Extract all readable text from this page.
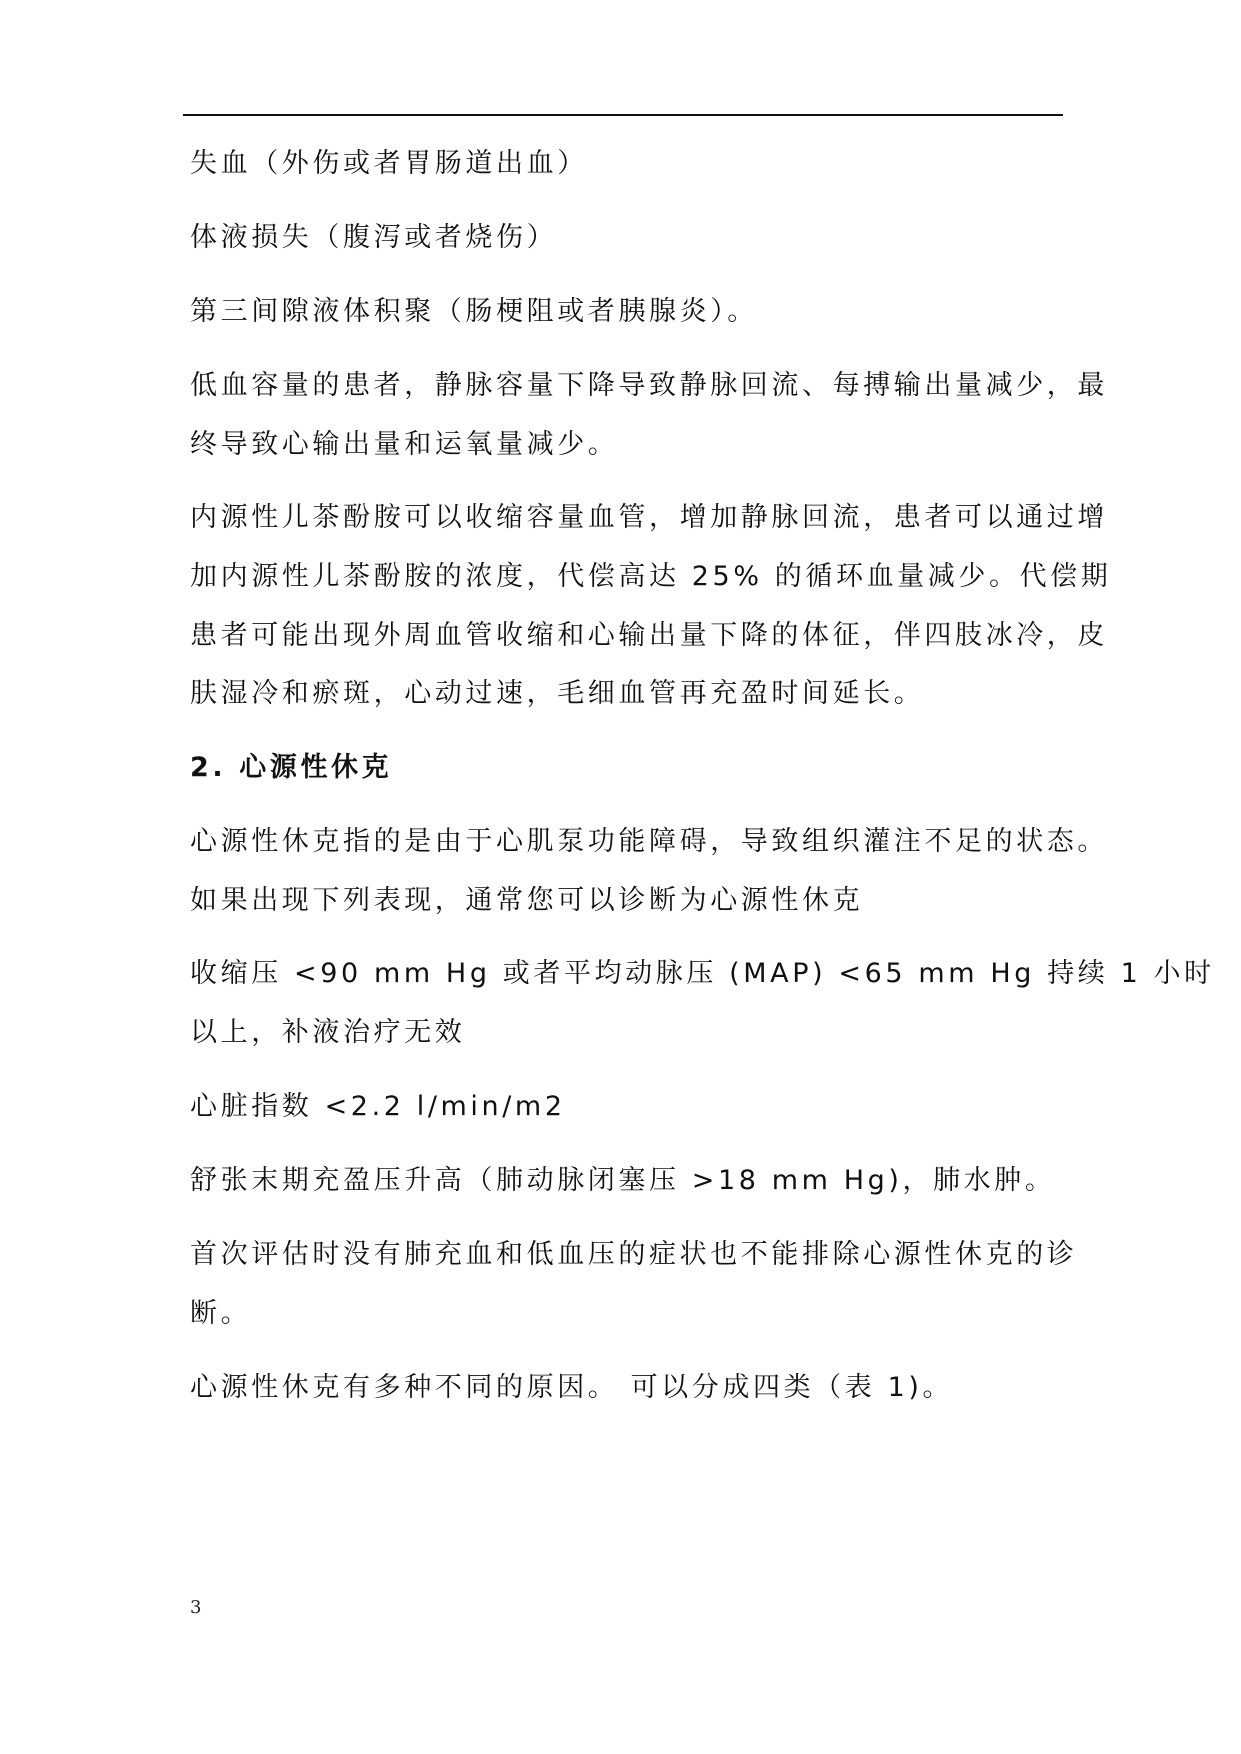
失血（外伤或者胃肠道出血）
体液损失（腹泻或者烧伤）
第三间隙液体积聚（肠梗阻或者胰腺炎）。
低血容量的患者，静脉容量下降导致静脉回流、每搏输出量减少，最
终导致心输出量和运氧量减少。
内源性儿茶酚胺可以收缩容量血管，增加静脉回流，患者可以通过增
加内源性儿茶酚胺的浓度，代偿高达 25% 的循环血量减少。代偿期
患者可能出现外周血管收缩和心输出量下降的体征，伴四肢冰冷，皮
肤湿冷和瘀斑，心动过速，毛细血管再充盈时间延长。
2. 心源性休克
心源性休克指的是由于心肌泵功能障碍，导致组织灌注不足的状态。
如果出现下列表现，通常您可以诊断为心源性休克
收缩压 <90 mm Hg 或者平均动脉压 (MAP) <65 mm Hg 持续 1 小时
以上，补液治疗无效
心脏指数 <2.2 l/min/m2
舒张末期充盈压升高（肺动脉闭塞压 >18 mm Hg)，肺水肿。
首次评估时没有肺充血和低血压的症状也不能排除心源性休克的诊
断。
心源性休克有多种不同的原因。 可以分成四类（表 1)。
3
